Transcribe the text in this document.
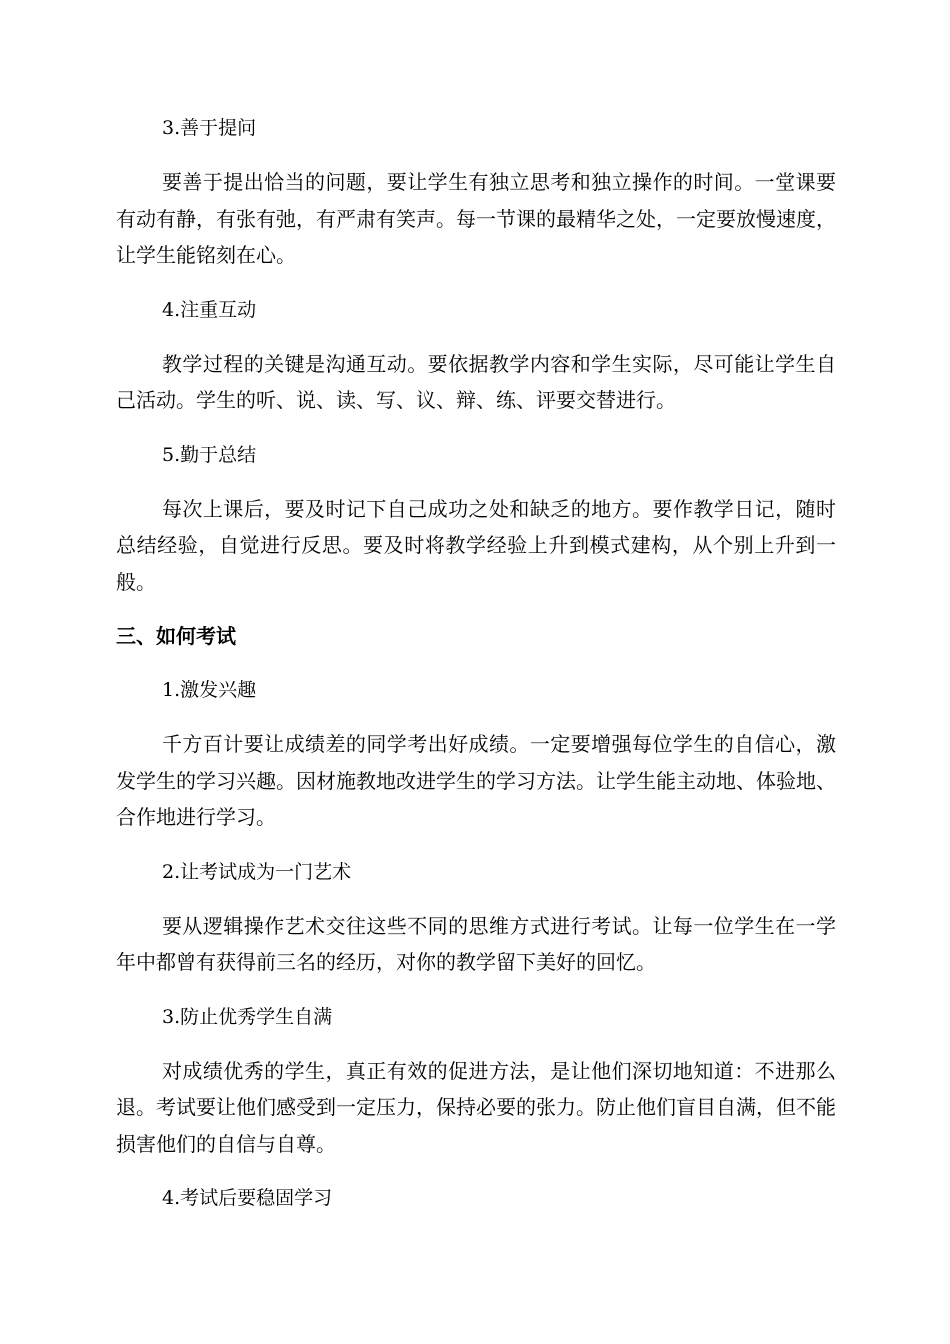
3.善于提问

要善于提出恰当的问题，要让学生有独立思考和独立操作的时间。一堂课要有动有静，有张有弛，有严肃有笑声。每一节课的最精华之处，一定要放慢速度，让学生能铭刻在心。

4.注重互动

教学过程的关键是沟通互动。要依据教学内容和学生实际，尽可能让学生自己活动。学生的听、说、读、写、议、辩、练、评要交替进行。

5.勤于总结

每次上课后，要及时记下自己成功之处和缺乏的地方。要作教学日记，随时总结经验，自觉进行反思。要及时将教学经验上升到模式建构，从个别上升到一般。

三、如何考试

1.激发兴趣

千方百计要让成绩差的同学考出好成绩。一定要增强每位学生的自信心，激发学生的学习兴趣。因材施教地改进学生的学习方法。让学生能主动地、体验地、合作地进行学习。

2.让考试成为一门艺术

要从逻辑操作艺术交往这些不同的思维方式进行考试。让每一位学生在一学年中都曾有获得前三名的经历，对你的教学留下美好的回忆。

3.防止优秀学生自满

对成绩优秀的学生，真正有效的促进方法，是让他们深切地知道：不进那么退。考试要让他们感受到一定压力，保持必要的张力。防止他们盲目自满，但不能损害他们的自信与自尊。

4.考试后要稳固学习
